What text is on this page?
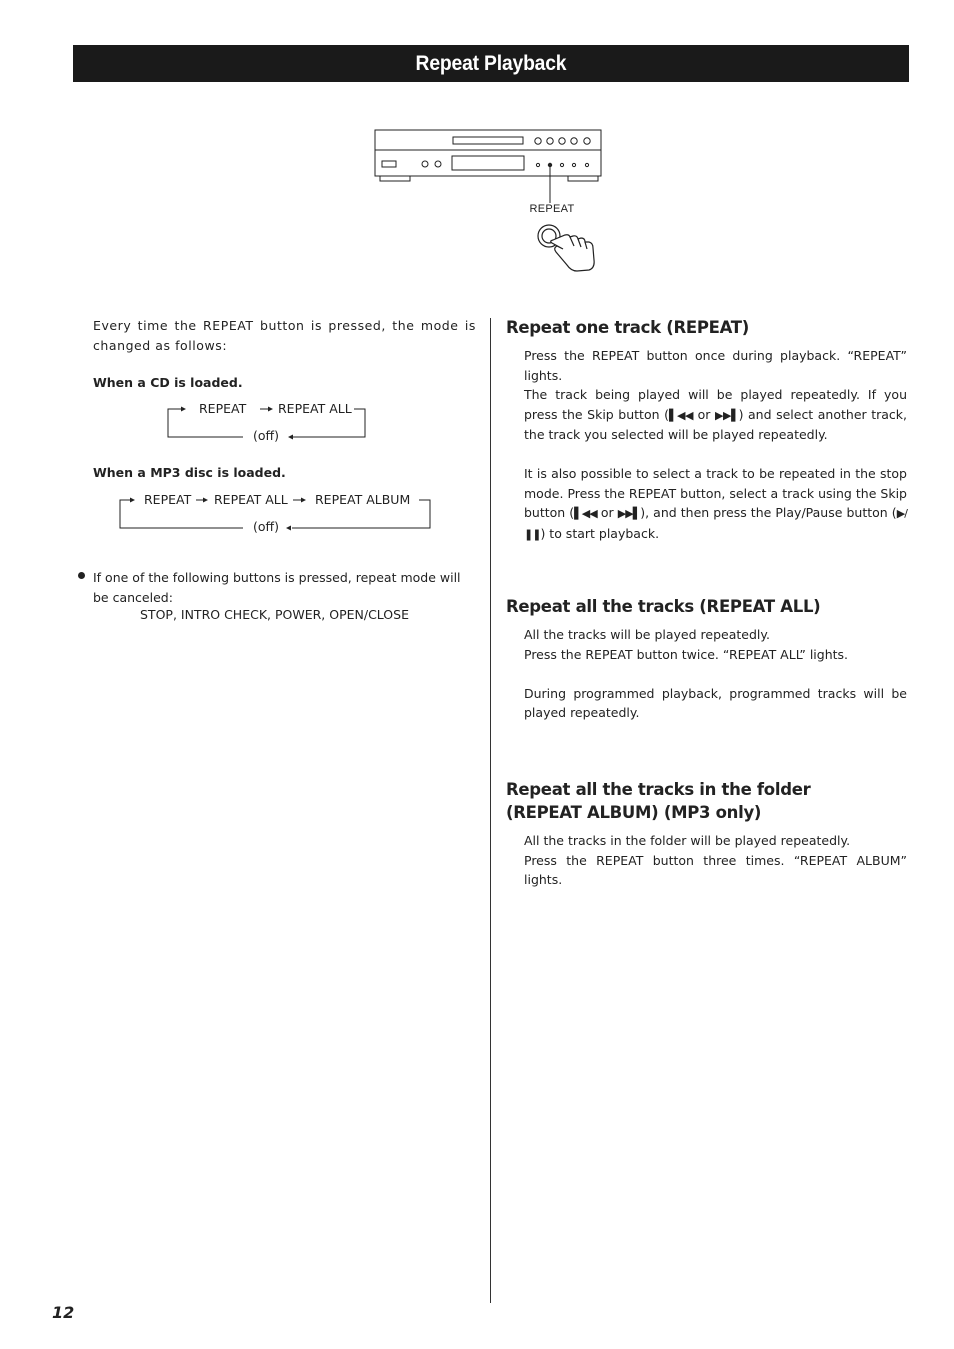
Repeat Playback
REPEAT
Every time the REPEAT button is pressed, the mode is changed as follows:
When a CD is loaded.
REPEAT	REPEAT ALL
(off)
When a MP3 disc is loaded.
REPEAT REPEAT ALL REPEAT ALBUM
(off)
If one of the following buttons is pressed, repeat mode will be canceled:
STOP, INTRO CHECK, POWER, OPEN/CLOSE
Repeat one track (REPEAT)

Press the REPEAT button once during playback. “REPEAT” lights.

The track being played will be played repeatedly. If you press the Skip button (▌◀◀ or ▶▶▌) and select another track, the track you selected will be played repeatedly.

It is also possible to select a track to be repeated in the stop mode. Press the REPEAT button, select a track using the Skip button (▌◀◀ or ▶▶▌), and then press the Play/Pause button (▶/❚❚) to start playback.

Repeat all the tracks (REPEAT ALL)

All the tracks will be played repeatedly.

Press the REPEAT button twice. “REPEAT ALL” lights.

During programmed playback, programmed tracks will be played repeatedly.

Repeat all the tracks in the folder
(REPEAT ALBUM) (MP3 only)

All the tracks in the folder will be played repeatedly.

Press the REPEAT button three times. “REPEAT ALBUM” lights.

12
